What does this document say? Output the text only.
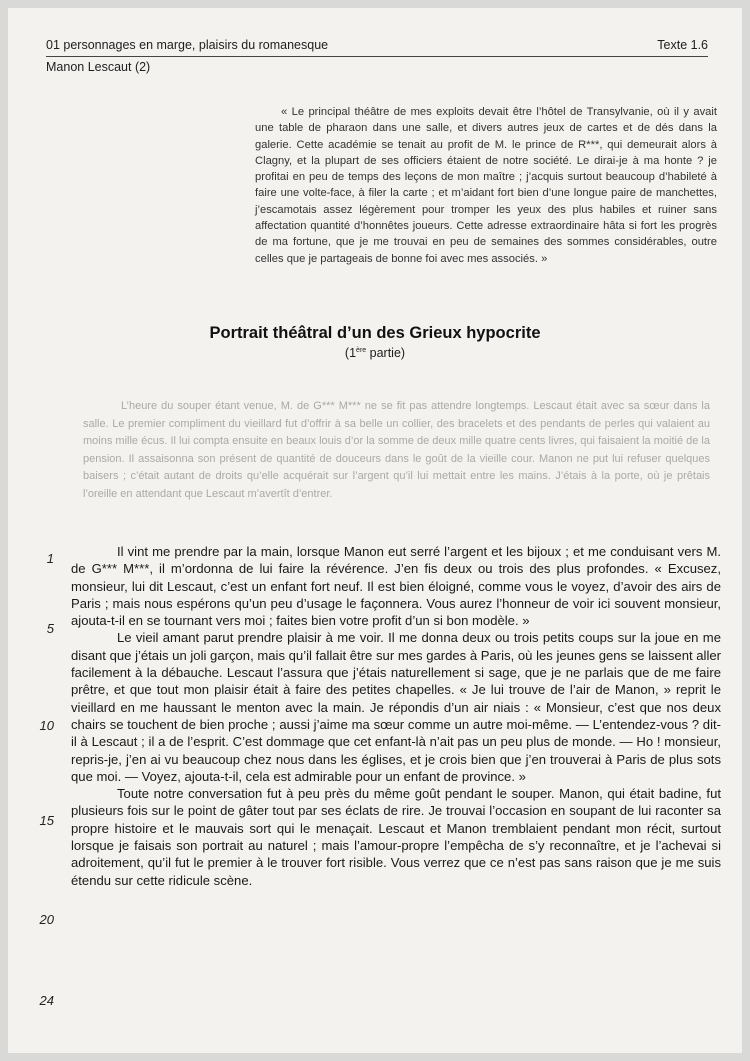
01 personnages en marge, plaisirs du romanesque	Texte 1.6
Manon Lescaut (2)

« Le principal théâtre de mes exploits devait être l’hôtel de Transylvanie, où il y avait une table de pharaon dans une salle, et divers autres jeux de cartes et de dés dans la galerie. Cette académie se tenait au profit de M. le prince de R***, qui demeurait alors à Clagny, et la plupart de ses officiers étaient de notre société. Le dirai-je à ma honte ? je profitai en peu de temps des leçons de mon maître ; j’acquis surtout beaucoup d’habileté à faire une volte-face, à filer la carte ; et m’aidant fort bien d’une longue paire de manchettes, j’escamotais assez légèrement pour tromper les yeux des plus habiles et ruiner sans affectation quantité d’honnêtes joueurs. Cette adresse extraordinaire hâta si fort les progrès de ma fortune, que je me trouvai en peu de semaines des sommes considérables, outre celles que je partageais de bonne foi avec mes associés. »

Portrait théâtral d’un des Grieux hypocrite
(1ère partie)

L’heure du souper étant venue, M. de G*** M*** ne se fit pas attendre longtemps. Lescaut était avec sa sœur dans la salle. Le premier compliment du vieillard fut d’offrir à sa belle un collier, des bracelets et des pendants de perles qui valaient au moins mille écus. Il lui compta ensuite en beaux louis d’or la somme de deux mille quatre cents livres, qui faisaient la moitié de la pension. Il assaisonna son présent de quantité de douceurs dans le goût de la vieille cour. Manon ne put lui refuser quelques baisers ; c’était autant de droits qu’elle acquérait sur l’argent qu’il lui mettait entre les mains. J’étais à la porte, où je prêtais l’oreille en attendant que Lescaut m’avertît d’entrer.

Il vint me prendre par la main, lorsque Manon eut serré l’argent et les bijoux ; et me conduisant vers M. de G*** M***, il m’ordonna de lui faire la révérence. J’en fis deux ou trois des plus profondes. « Excusez, monsieur, lui dit Lescaut, c’est un enfant fort neuf. Il est bien éloigné, comme vous le voyez, d’avoir des airs de Paris ; mais nous espérons qu’un peu d’usage le façonnera. Vous aurez l’honneur de voir ici souvent monsieur, ajouta-t-il en se tournant vers moi ; faites bien votre profit d’un si bon modèle. »

Le vieil amant parut prendre plaisir à me voir. Il me donna deux ou trois petits coups sur la joue en me disant que j’étais un joli garçon, mais qu’il fallait être sur mes gardes à Paris, où les jeunes gens se laissent aller facilement à la débauche. Lescaut l’assura que j’étais naturellement si sage, que je ne parlais que de me faire prêtre, et que tout mon plaisir était à faire des petites chapelles. « Je lui trouve de l’air de Manon, » reprit le vieillard en me haussant le menton avec la main. Je répondis d’un air niais : « Monsieur, c’est que nos deux chairs se touchent de bien proche ; aussi j’aime ma sœur comme un autre moi-même. — L’entendez-vous ? dit-il à Lescaut ; il a de l’esprit. C’est dommage que cet enfant-là n’ait pas un peu plus de monde. — Ho ! monsieur, repris-je, j’en ai vu beaucoup chez nous dans les églises, et je crois bien que j’en trouverai à Paris de plus sots que moi. — Voyez, ajouta-t-il, cela est admirable pour un enfant de province. »

Toute notre conversation fut à peu près du même goût pendant le souper. Manon, qui était badine, fut plusieurs fois sur le point de gâter tout par ses éclats de rire. Je trouvai l’occasion en soupant de lui raconter sa propre histoire et le mauvais sort qui le menaçait. Lescaut et Manon tremblaient pendant mon récit, surtout lorsque je faisais son portrait au naturel ; mais l’amour-propre l’empêcha de s’y reconnaître, et je l’achevai si adroitement, qu’il fut le premier à le trouver fort risible. Vous verrez que ce n’est pas sans raison que je me suis étendu sur cette ridicule scène.

1
5
10
15
20
24
